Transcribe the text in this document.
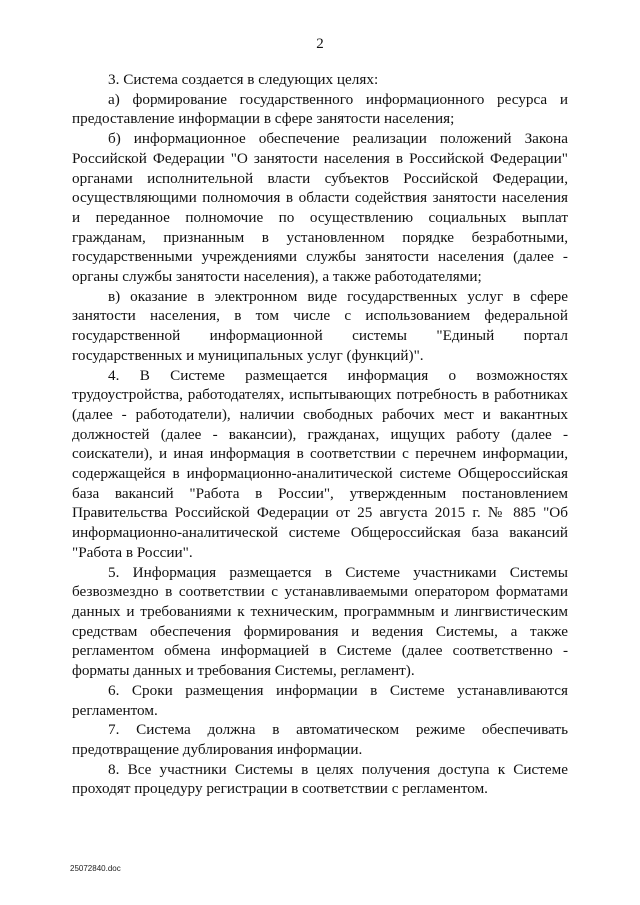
2

3. Система создается в следующих целях:

а) формирование государственного информационного ресурса и предоставление информации в сфере занятости населения;

б) информационное обеспечение реализации положений Закона Российской Федерации "О занятости населения в Российской Федерации" органами исполнительной власти субъектов Российской Федерации, осуществляющими полномочия в области содействия занятости населения и переданное полномочие по осуществлению социальных выплат гражданам, признанным в установленном порядке безработными, государственными учреждениями службы занятости населения (далее - органы службы занятости населения), а также работодателями;

в) оказание в электронном виде государственных услуг в сфере занятости населения, в том числе с использованием федеральной государственной информационной системы "Единый портал государственных и муниципальных услуг (функций)".

4. В Системе размещается информация о возможностях трудоустройства, работодателях, испытывающих потребность в работниках (далее - работодатели), наличии свободных рабочих мест и вакантных должностей (далее - вакансии), гражданах, ищущих работу (далее - соискатели), и иная информация в соответствии с перечнем информации, содержащейся в информационно-аналитической системе Общероссийская база вакансий "Работа в России", утвержденным постановлением Правительства Российской Федерации от 25 августа 2015 г. № 885 "Об информационно-аналитической системе Общероссийская база вакансий "Работа в России".

5. Информация размещается в Системе участниками Системы безвозмездно в соответствии с устанавливаемыми оператором форматами данных и требованиями к техническим, программным и лингвистическим средствам обеспечения формирования и ведения Системы, а также регламентом обмена информацией в Системе (далее соответственно - форматы данных и требования Системы, регламент).

6. Сроки размещения информации в Системе устанавливаются регламентом.

7. Система должна в автоматическом режиме обеспечивать предотвращение дублирования информации.

8. Все участники Системы в целях получения доступа к Системе проходят процедуру регистрации в соответствии с регламентом.

25072840.doc
